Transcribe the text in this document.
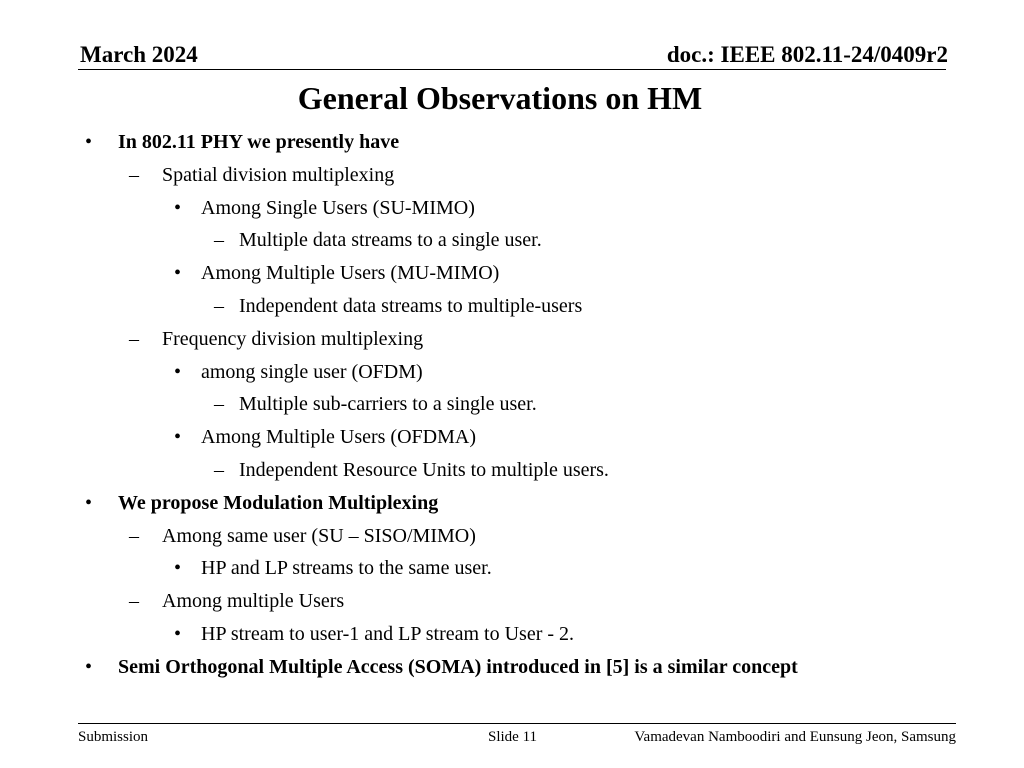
March 2024	doc.: IEEE 802.11-24/0409r2
General Observations on HM
• In 802.11 PHY we presently have
– Spatial division multiplexing
• Among Single Users (SU-MIMO)
– Multiple data streams to a single user.
• Among Multiple Users (MU-MIMO)
– Independent data streams to multiple-users
– Frequency division multiplexing
• among single user (OFDM)
– Multiple sub-carriers to a single user.
• Among Multiple Users (OFDMA)
– Independent Resource Units to multiple users.
• We propose Modulation Multiplexing
– Among same user (SU – SISO/MIMO)
• HP and LP streams to the same user.
– Among multiple Users
• HP stream to user-1 and LP stream to User - 2.
• Semi Orthogonal Multiple Access (SOMA) introduced in [5] is a similar concept
Submission	Slide 11	Vamadevan Namboodiri and Eunsung Jeon, Samsung
